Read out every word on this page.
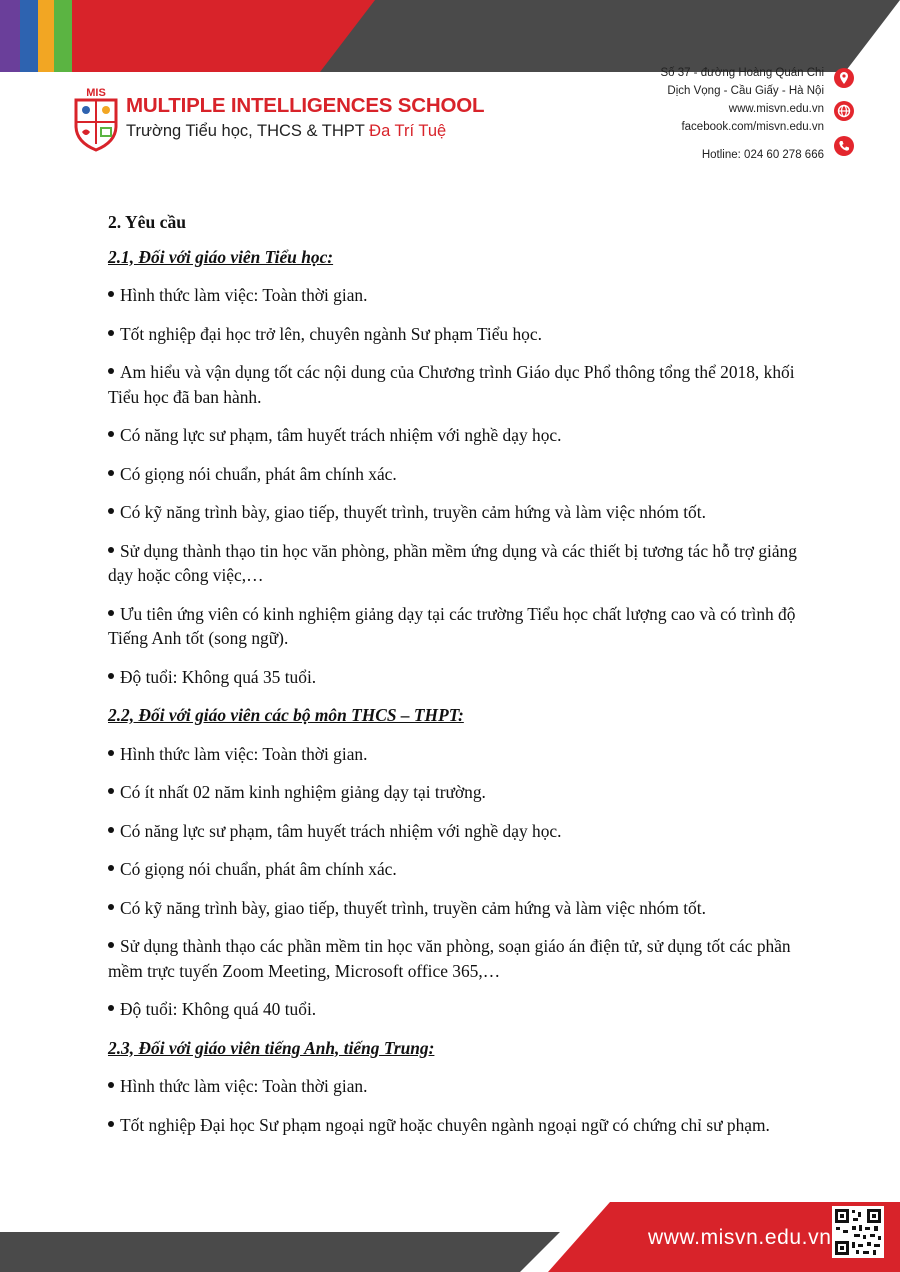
MIS
MULTIPLE INTELLIGENCES SCHOOL
Trường Tiểu học, THCS & THPT Đa Trí Tuệ
Số 37 - đường Hoàng Quán Chi
Dịch Vọng - Cầu Giấy - Hà Nội
www.misvn.edu.vn
facebook.com/misvn.edu.vn
Hotline: 024 60 278 666
2. Yêu cầu
2.1, Đối với giáo viên Tiểu học:
Hình thức làm việc: Toàn thời gian.
Tốt nghiệp đại học trở lên, chuyên ngành Sư phạm Tiểu học.
Am hiểu và vận dụng tốt các nội dung của Chương trình Giáo dục Phổ thông tổng thể 2018, khối Tiểu học đã ban hành.
Có năng lực sư phạm, tâm huyết trách nhiệm với nghề dạy học.
Có giọng nói chuẩn, phát âm chính xác.
Có kỹ năng trình bày, giao tiếp, thuyết trình, truyền cảm hứng và làm việc nhóm tốt.
Sử dụng thành thạo tin học văn phòng, phần mềm ứng dụng và các thiết bị tương tác hỗ trợ giảng dạy hoặc công việc,…
Ưu tiên ứng viên có kinh nghiệm giảng dạy tại các trường Tiểu học chất lượng cao và có trình độ Tiếng Anh tốt (song ngữ).
Độ tuổi: Không quá 35 tuổi.
2.2, Đối với giáo viên các bộ môn THCS – THPT:
Hình thức làm việc: Toàn thời gian.
Có ít nhất 02 năm kinh nghiệm giảng dạy tại trường.
Có năng lực sư phạm, tâm huyết trách nhiệm với nghề dạy học.
Có giọng nói chuẩn, phát âm chính xác.
Có kỹ năng trình bày, giao tiếp, thuyết trình, truyền cảm hứng và làm việc nhóm tốt.
Sử dụng thành thạo các phần mềm tin học văn phòng, soạn giáo án điện tử, sử dụng tốt các phần mềm trực tuyến Zoom Meeting, Microsoft office 365,…
Độ tuổi: Không quá 40 tuổi.
2.3, Đối với giáo viên tiếng Anh, tiếng Trung:
Hình thức làm việc: Toàn thời gian.
Tốt nghiệp Đại học Sư phạm ngoại ngữ hoặc chuyên ngành ngoại ngữ có chứng chỉ sư phạm.
www.misvn.edu.vn
